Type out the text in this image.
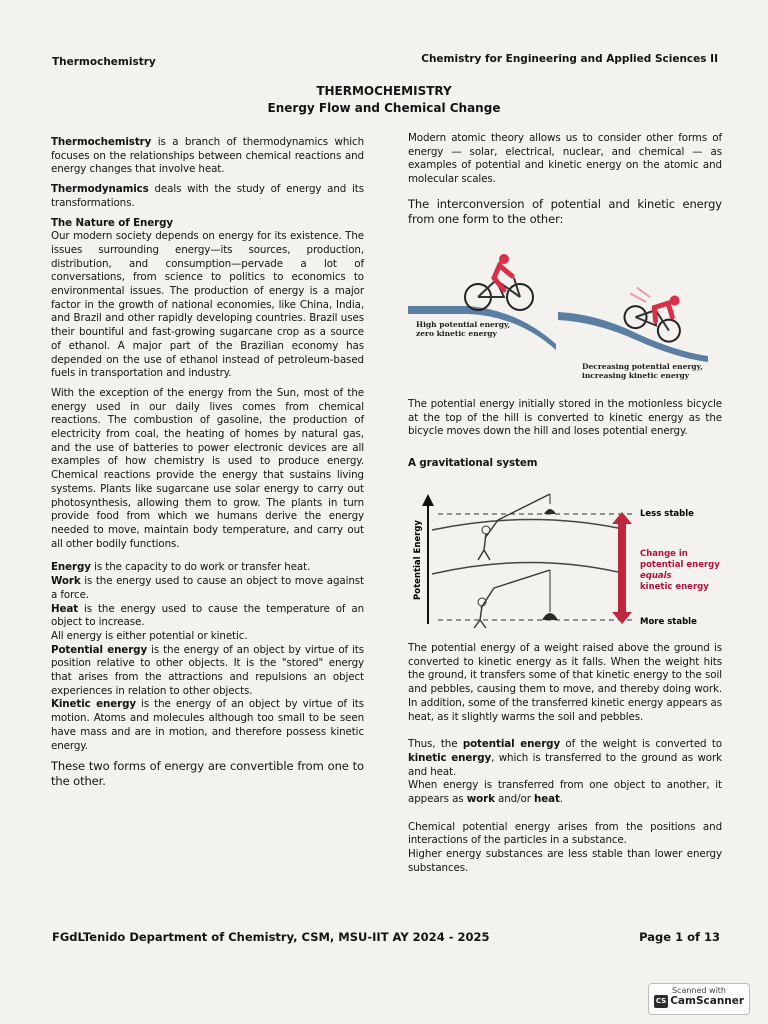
Thermochemistry	Chemistry for Engineering and Applied Sciences II
THERMOCHEMISTRY
Energy Flow and Chemical Change

Thermochemistry is a branch of thermodynamics which focuses on the relationships between chemical reactions and energy changes that involve heat.

Thermodynamics deals with the study of energy and its transformations.

The Nature of Energy

Our modern society depends on energy for its existence. The issues surrounding energy—its sources, production, distribution, and consumption—pervade a lot of conversations, from science to politics to economics to environmental issues. The production of energy is a major factor in the growth of national economies, like China, India, and Brazil and other rapidly developing countries. Brazil uses their bountiful and fast-growing sugarcane crop as a source of ethanol. A major part of the Brazilian economy has depended on the use of ethanol instead of petroleum-based fuels in transportation and industry.

With the exception of the energy from the Sun, most of the energy used in our daily lives comes from chemical reactions. The combustion of gasoline, the production of electricity from coal, the heating of homes by natural gas, and the use of batteries to power electronic devices are all examples of how chemistry is used to produce energy. Chemical reactions provide the energy that sustains living systems. Plants like sugarcane use solar energy to carry out photosynthesis, allowing them to grow. The plants in turn provide food from which we humans derive the energy needed to move, maintain body temperature, and carry out all other bodily functions.

Energy is the capacity to do work or transfer heat.
Work is the energy used to cause an object to move against a force.
Heat is the energy used to cause the temperature of an object to increase.
All energy is either potential or kinetic.
Potential energy is the energy of an object by virtue of its position relative to other objects. It is the "stored" energy that arises from the attractions and repulsions an object experiences in relation to other objects.
Kinetic energy is the energy of an object by virtue of its motion. Atoms and molecules although too small to be seen have mass and are in motion, and therefore possess kinetic energy.
These two forms of energy are convertible from one to the other.

Modern atomic theory allows us to consider other forms of energy — solar, electrical, nuclear, and chemical — as examples of potential and kinetic energy on the atomic and molecular scales.

The interconversion of potential and kinetic energy from one form to the other:
High potential energy,
zero kinetic energy
Decreasing potential energy,
increasing kinetic energy

The potential energy initially stored in the motionless bicycle at the top of the hill is converted to kinetic energy as the bicycle moves down the hill and loses potential energy.

A gravitational system
Potential Energy
Less stable
More stable
Change in
potential energy
equals
kinetic energy

The potential energy of a weight raised above the ground is converted to kinetic energy as it falls. When the weight hits the ground, it transfers some of that kinetic energy to the soil and pebbles, causing them to move, and thereby doing work. In addition, some of the transferred kinetic energy appears as heat, as it slightly warms the soil and pebbles.

Thus, the potential energy of the weight is converted to kinetic energy, which is transferred to the ground as work and heat.
When energy is transferred from one object to another, it appears as work and/or heat.
Chemical potential energy arises from the positions and interactions of the particles in a substance.
Higher energy substances are less stable than lower energy substances.
FGdLTenido Department of Chemistry, CSM, MSU-IIT AY 2024 - 2025	Page 1 of 13
Scanned with
CS CamScanner
